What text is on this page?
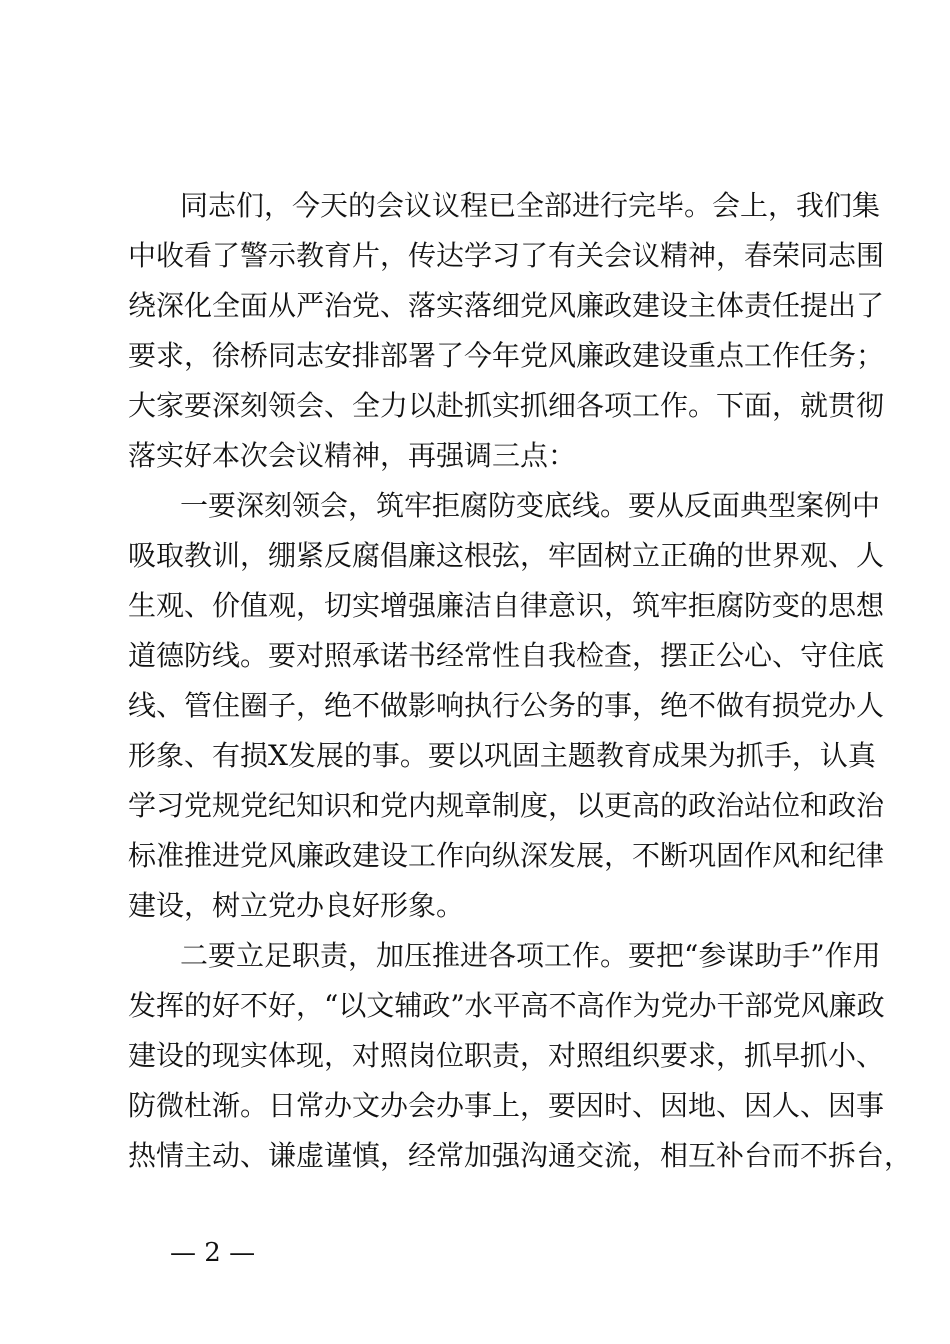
同志们，今天的会议议程已全部进行完毕。会上，我们集
中收看了警示教育片，传达学习了有关会议精神，春荣同志围
绕深化全面从严治党、落实落细党风廉政建设主体责任提出了
要求，徐桥同志安排部署了今年党风廉政建设重点工作任务；
大家要深刻领会、全力以赴抓实抓细各项工作。下面，就贯彻
落实好本次会议精神，再强调三点：
一要深刻领会，筑牢拒腐防变底线。要从反面典型案例中
吸取教训，绷紧反腐倡廉这根弦，牢固树立正确的世界观、人
生观、价值观，切实增强廉洁自律意识，筑牢拒腐防变的思想
道德防线。要对照承诺书经常性自我检查，摆正公心、守住底
线、管住圈子，绝不做影响执行公务的事，绝不做有损党办人
形象、有损X发展的事。要以巩固主题教育成果为抓手，认真
学习党规党纪知识和党内规章制度，以更高的政治站位和政治
标准推进党风廉政建设工作向纵深发展，不断巩固作风和纪律
建设，树立党办良好形象。
二要立足职责，加压推进各项工作。要把“参谋助手”作用
发挥的好不好，“以文辅政”水平高不高作为党办干部党风廉政
建设的现实体现，对照岗位职责，对照组织要求，抓早抓小、
防微杜渐。日常办文办会办事上，要因时、因地、因人、因事
热情主动、谦虚谨慎，经常加强沟通交流，相互补台而不拆台，
— 2 —
